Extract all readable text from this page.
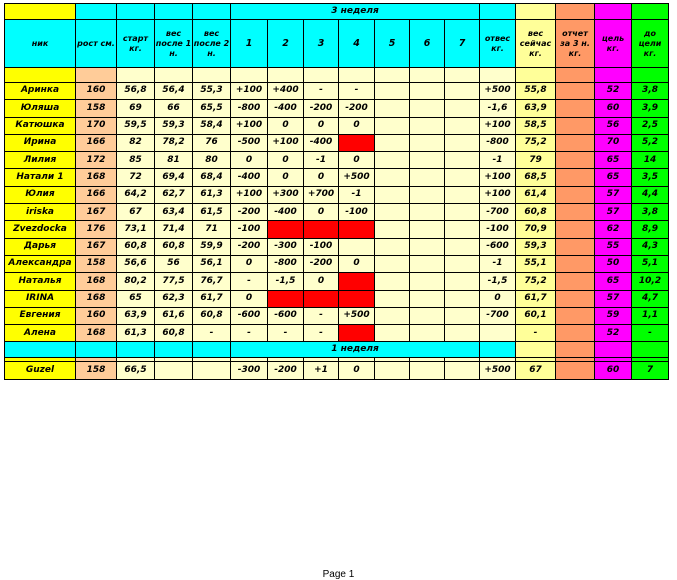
					3 неделя											
ник	рост см.	старт кг.	вес после 1 н.	вес после 2 н.	1	2	3	4	5	6	7	отвес кг.	вес сейчас кг.	отчет за 3 н. кг.	цель кг.	до цели кг.

Аринка	160	56,8	56,4	55,3	+100	+400	-	-				+500	55,8		52	3,8
Юляша	158	69	66	65,5	-800	-400	-200	-200				-1,6	63,9		60	3,9
Катюшка	170	59,5	59,3	58,4	+100	0	0	0				+100	58,5		56	2,5
Ирина	166	82	78,2	76	-500	+100	-400					-800	75,2		70	5,2
Лилия	172	85	81	80	0	0	-1	0				-1	79		65	14
Натали 1	168	72	69,4	68,4	-400	0	0	+500				+100	68,5		65	3,5
Юлия	166	64,2	62,7	61,3	+100	+300	+700	-1				+100	61,4		57	4,4
iriska	167	67	63,4	61,5	-200	-400	0	-100				-700	60,8		57	3,8
Zvezdocka	176	73,1	71,4	71	-100							-100	70,9		62	8,9
Дарья	167	60,8	60,8	59,9	-200	-300	-100					-600	59,3		55	4,3
Александра	158	56,6	56	56,1	0	-800	-200	0				-1	55,1		50	5,1
Наталья	168	80,2	77,5	76,7	-	-1,5	0					-1,5	75,2		65	10,2
IRINA	168	65	62,3	61,7	0							0	61,7		57	4,7
Евгения	160	63,9	61,6	60,8	-600	-600	-	+500				-700	60,1		59	1,1
Алена	168	61,3	60,8	-	-	-	-						-		52	-
					1 неделя											

Guzel	158	66,5			-300	-200	+1	0				+500	67		60	7
Page 1
